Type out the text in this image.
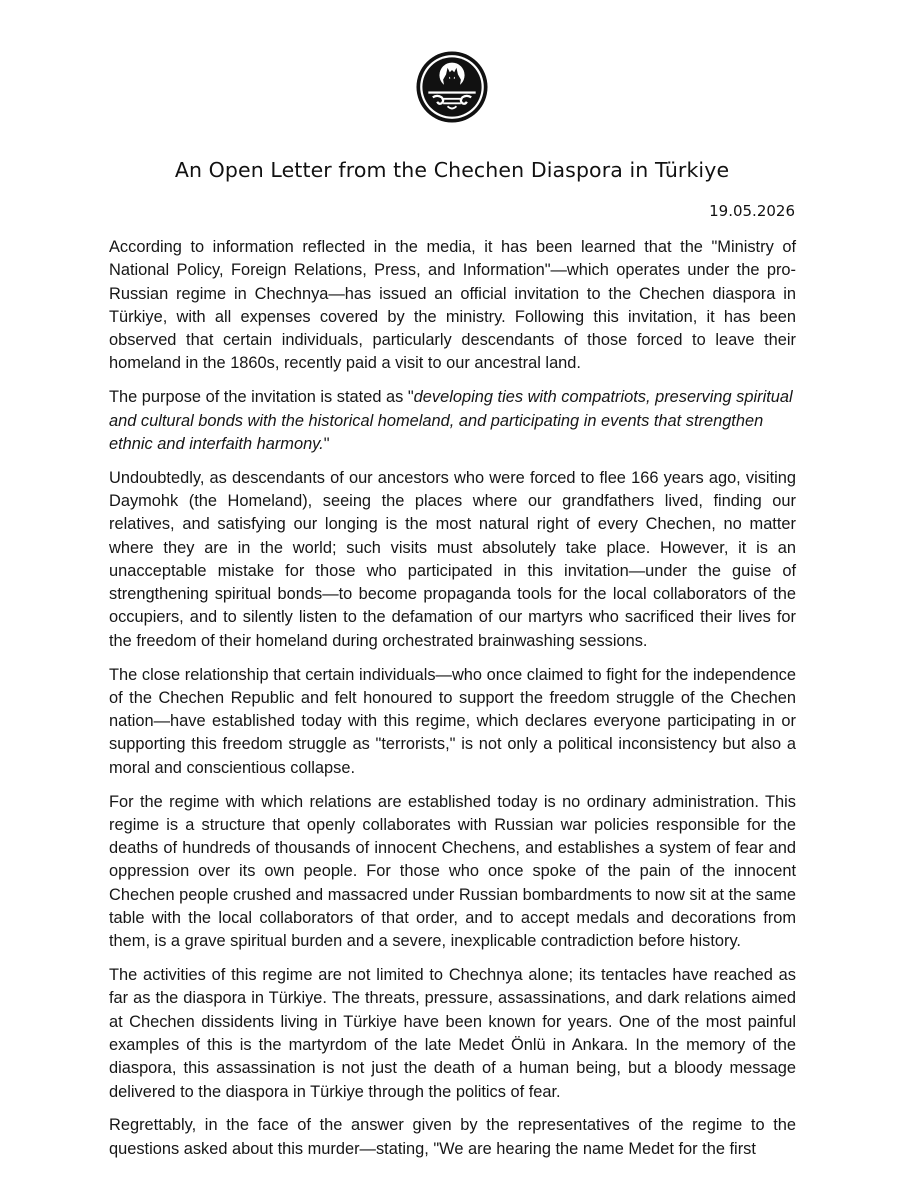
An Open Letter from the Chechen Diaspora in Türkiye
19.05.2026

According to information reflected in the media, it has been learned that the "Ministry of National Policy, Foreign Relations, Press, and Information"—which operates under the pro-Russian regime in Chechnya—has issued an official invitation to the Chechen diaspora in Türkiye, with all expenses covered by the ministry. Following this invitation, it has been observed that certain individuals, particularly descendants of those forced to leave their homeland in the 1860s, recently paid a visit to our ancestral land.

The purpose of the invitation is stated as "developing ties with compatriots, preserving spiritual and cultural bonds with the historical homeland, and participating in events that strengthen ethnic and interfaith harmony."

Undoubtedly, as descendants of our ancestors who were forced to flee 166 years ago, visiting Daymohk (the Homeland), seeing the places where our grandfathers lived, finding our relatives, and satisfying our longing is the most natural right of every Chechen, no matter where they are in the world; such visits must absolutely take place. However, it is an unacceptable mistake for those who participated in this invitation—under the guise of strengthening spiritual bonds—to become propaganda tools for the local collaborators of the occupiers, and to silently listen to the defamation of our martyrs who sacrificed their lives for the freedom of their homeland during orchestrated brainwashing sessions.

The close relationship that certain individuals—who once claimed to fight for the independence of the Chechen Republic and felt honoured to support the freedom struggle of the Chechen nation—have established today with this regime, which declares everyone participating in or supporting this freedom struggle as "terrorists," is not only a political inconsistency but also a moral and conscientious collapse.

For the regime with which relations are established today is no ordinary administration. This regime is a structure that openly collaborates with Russian war policies responsible for the deaths of hundreds of thousands of innocent Chechens, and establishes a system of fear and oppression over its own people. For those who once spoke of the pain of the innocent Chechen people crushed and massacred under Russian bombardments to now sit at the same table with the local collaborators of that order, and to accept medals and decorations from them, is a grave spiritual burden and a severe, inexplicable contradiction before history.

The activities of this regime are not limited to Chechnya alone; its tentacles have reached as far as the diaspora in Türkiye. The threats, pressure, assassinations, and dark relations aimed at Chechen dissidents living in Türkiye have been known for years. One of the most painful examples of this is the martyrdom of the late Medet Önlü in Ankara. In the memory of the diaspora, this assassination is not just the death of a human being, but a bloody message delivered to the diaspora in Türkiye through the politics of fear.

Regrettably, in the face of the answer given by the representatives of the regime to the questions asked about this murder—stating, "We are hearing the name Medet for the first
